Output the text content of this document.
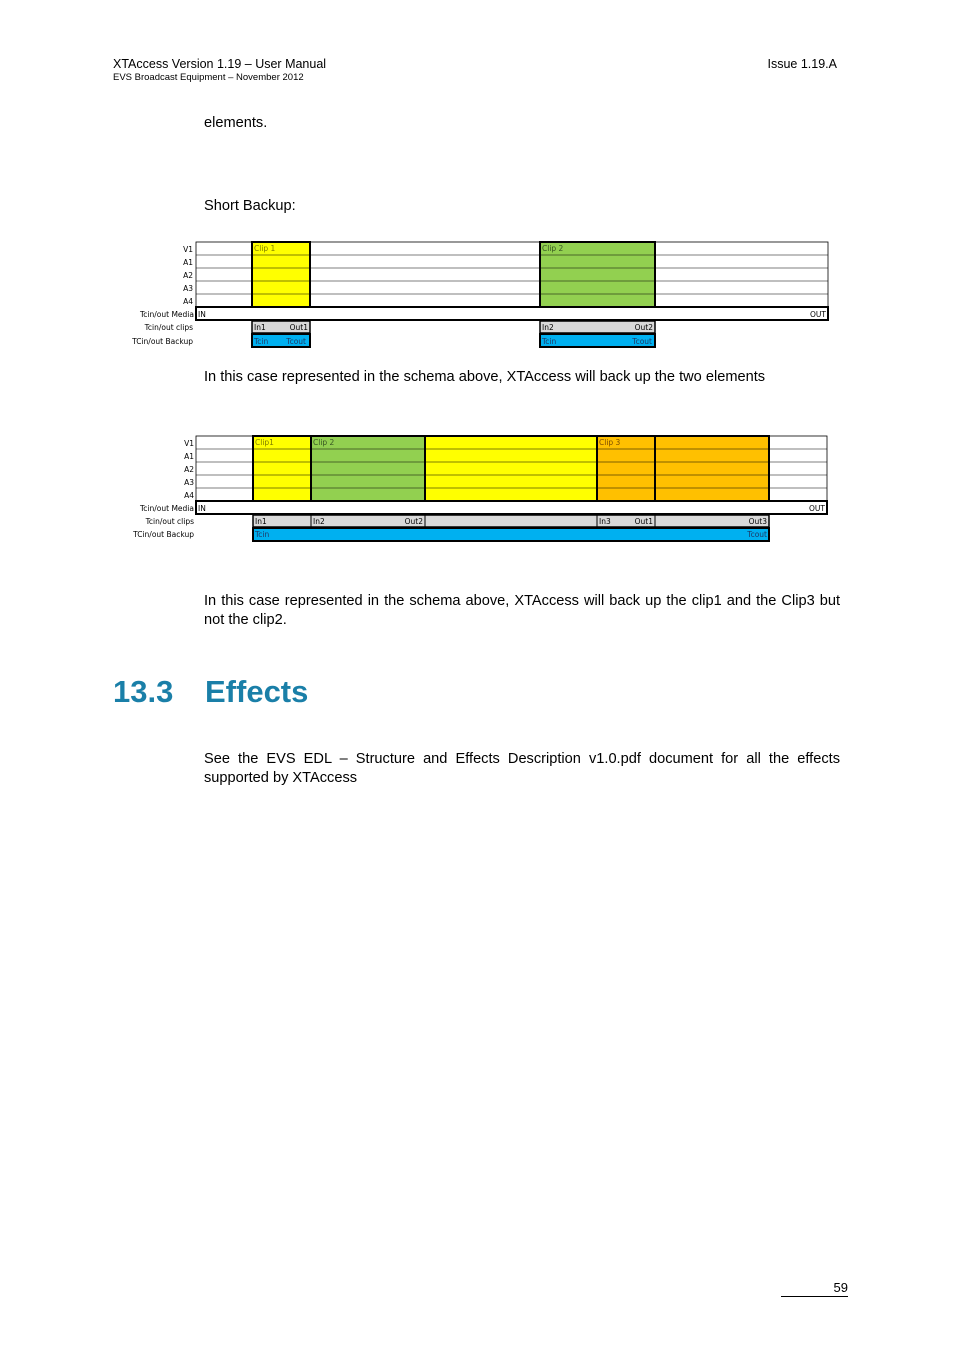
XTAccess Version 1.19 – User Manual
EVS Broadcast Equipment – November 2012
Issue 1.19.A
elements.
Short Backup:
V1
A1
A2
A3
A4
Tcin/out Media
Tcin/out clips
TCin/out Backup
Clip 1	Clip 2
IN	OUT
In1	Out1	In2	Out2
Tcin Tcout	Tcin	Tcout
In this case represented in the schema above, XTAccess will back up the two elements
V1
A1
A2
A3
A4
Tcin/out Media
Tcin/out clips
TCin/out Backup
Clip1	Clip 2	Clip 3
IN	OUT
In1	In2	Out2	In3	Out1	Out3
Tcin	Tcout
In this case represented in the schema above, XTAccess will back up the clip1 and the Clip3 but not the clip2.
13.3 Effects
See the EVS EDL – Structure and Effects Description v1.0.pdf document for all the effects supported by XTAccess
59
